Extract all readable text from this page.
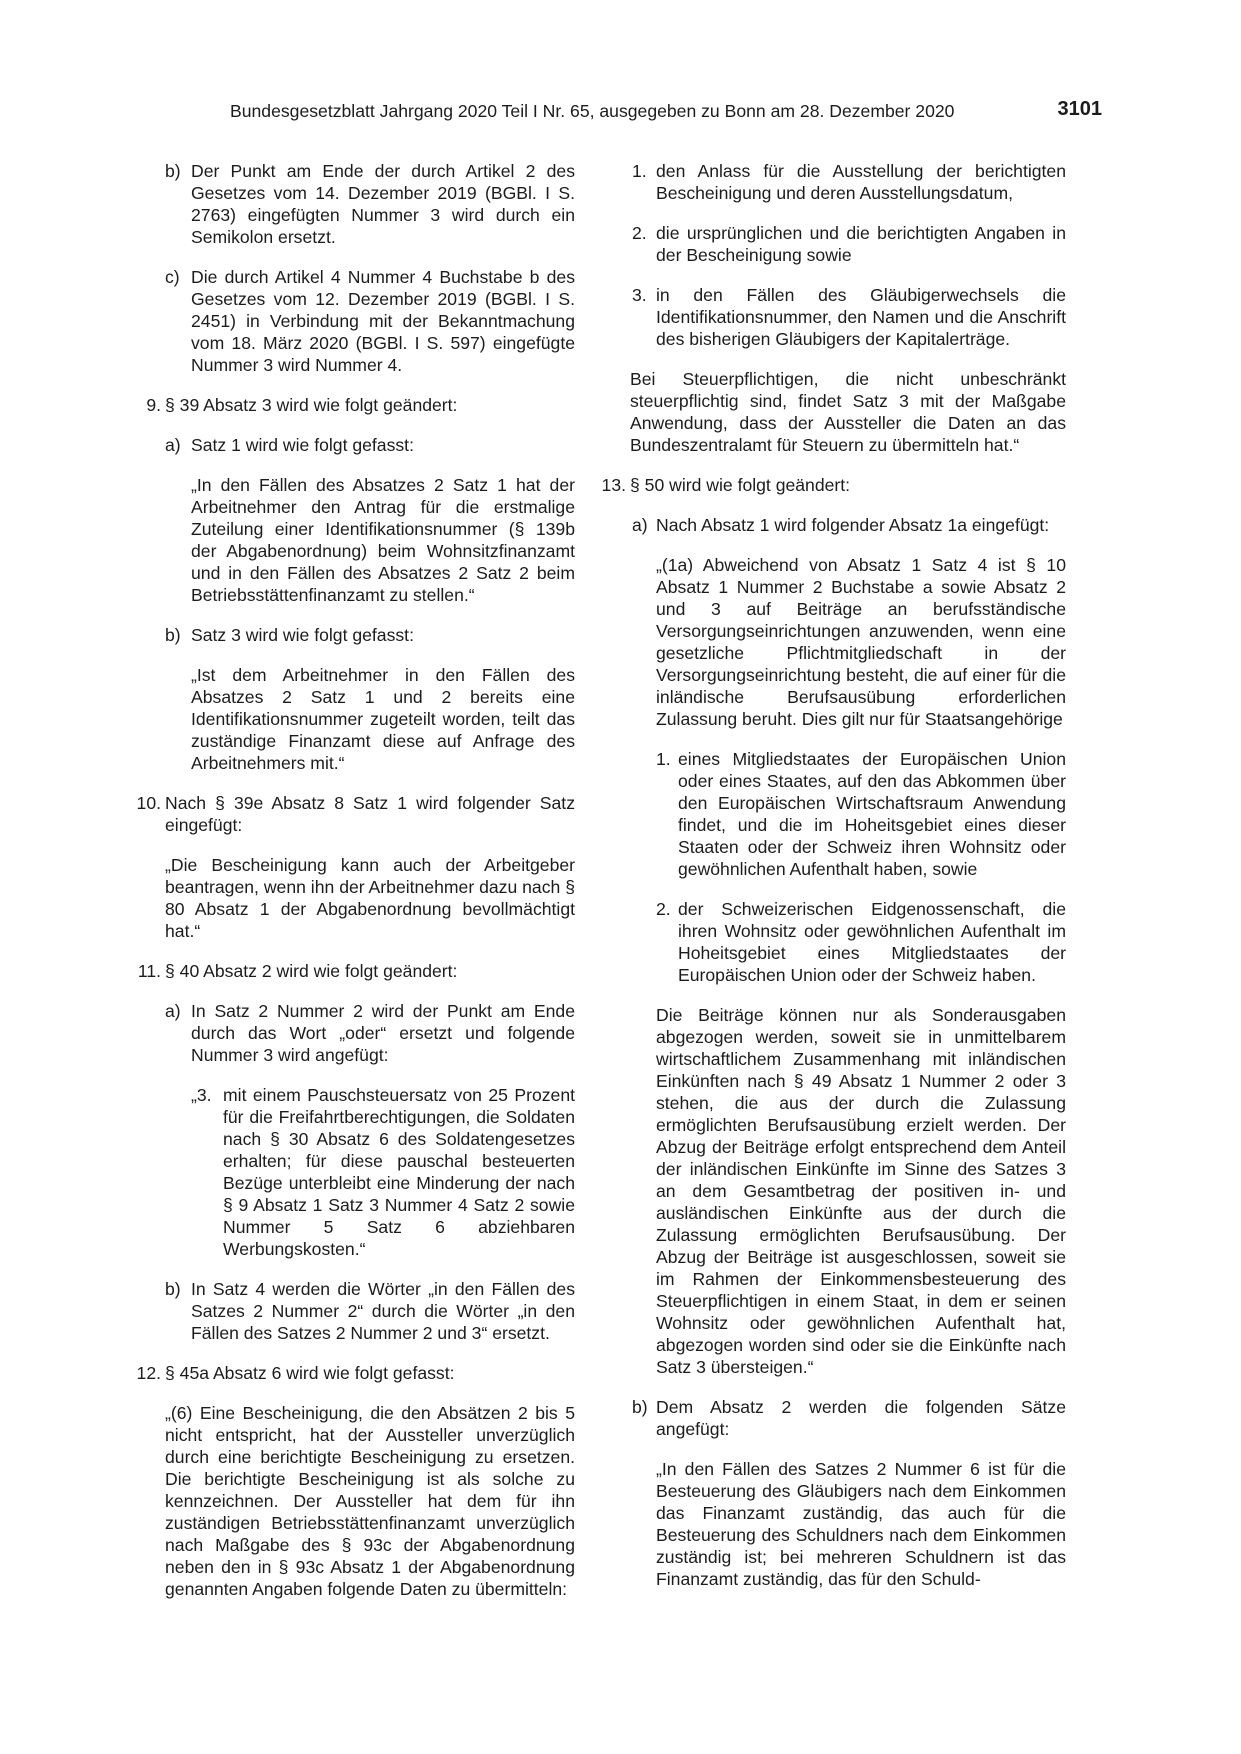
Bundesgesetzblatt Jahrgang 2020 Teil I Nr. 65, ausgegeben zu Bonn am 28. Dezember 2020	3101
b) Der Punkt am Ende der durch Artikel 2 des Gesetzes vom 14. Dezember 2019 (BGBl. I S. 2763) eingefügten Nummer 3 wird durch ein Semikolon ersetzt.
c) Die durch Artikel 4 Nummer 4 Buchstabe b des Gesetzes vom 12. Dezember 2019 (BGBl. I S. 2451) in Verbindung mit der Bekanntmachung vom 18. März 2020 (BGBl. I S. 597) eingefügte Nummer 3 wird Nummer 4.
9. § 39 Absatz 3 wird wie folgt geändert:
a) Satz 1 wird wie folgt gefasst:
„In den Fällen des Absatzes 2 Satz 1 hat der Arbeitnehmer den Antrag für die erstmalige Zuteilung einer Identifikationsnummer (§ 139b der Abgabenordnung) beim Wohnsitzfinanzamt und in den Fällen des Absatzes 2 Satz 2 beim Betriebsstättenfinanzamt zu stellen.“
b) Satz 3 wird wie folgt gefasst:
„Ist dem Arbeitnehmer in den Fällen des Absatzes 2 Satz 1 und 2 bereits eine Identifikationsnummer zugeteilt worden, teilt das zuständige Finanzamt diese auf Anfrage des Arbeitnehmers mit.“
10. Nach § 39e Absatz 8 Satz 1 wird folgender Satz eingefügt:
„Die Bescheinigung kann auch der Arbeitgeber beantragen, wenn ihn der Arbeitnehmer dazu nach § 80 Absatz 1 der Abgabenordnung bevollmächtigt hat.“
11. § 40 Absatz 2 wird wie folgt geändert:
a) In Satz 2 Nummer 2 wird der Punkt am Ende durch das Wort „oder“ ersetzt und folgende Nummer 3 wird angefügt:
„3. mit einem Pauschsteuersatz von 25 Prozent für die Freifahrtberechtigungen, die Soldaten nach § 30 Absatz 6 des Soldatengesetzes erhalten; für diese pauschal besteuerten Bezüge unterbleibt eine Minderung der nach § 9 Absatz 1 Satz 3 Nummer 4 Satz 2 sowie Nummer 5 Satz 6 abziehbaren Werbungskosten.“
b) In Satz 4 werden die Wörter „in den Fällen des Satzes 2 Nummer 2“ durch die Wörter „in den Fällen des Satzes 2 Nummer 2 und 3“ ersetzt.
12. § 45a Absatz 6 wird wie folgt gefasst:
„(6) Eine Bescheinigung, die den Absätzen 2 bis 5 nicht entspricht, hat der Aussteller unverzüglich durch eine berichtigte Bescheinigung zu ersetzen. Die berichtigte Bescheinigung ist als solche zu kennzeichnen. Der Aussteller hat dem für ihn zuständigen Betriebsstättenfinanzamt unverzüglich nach Maßgabe des § 93c der Abgabenordnung neben den in § 93c Absatz 1 der Abgabenordnung genannten Angaben folgende Daten zu übermitteln:
1. den Anlass für die Ausstellung der berichtigten Bescheinigung und deren Ausstellungsdatum,
2. die ursprünglichen und die berichtigten Angaben in der Bescheinigung sowie
3. in den Fällen des Gläubigerwechsels die Identifikationsnummer, den Namen und die Anschrift des bisherigen Gläubigers der Kapitalerträge.
Bei Steuerpflichtigen, die nicht unbeschränkt steuerpflichtig sind, findet Satz 3 mit der Maßgabe Anwendung, dass der Aussteller die Daten an das Bundeszentralamt für Steuern zu übermitteln hat.“
13. § 50 wird wie folgt geändert:
a) Nach Absatz 1 wird folgender Absatz 1a eingefügt:
„(1a) Abweichend von Absatz 1 Satz 4 ist § 10 Absatz 1 Nummer 2 Buchstabe a sowie Absatz 2 und 3 auf Beiträge an berufsständische Versorgungseinrichtungen anzuwenden, wenn eine gesetzliche Pflichtmitgliedschaft in der Versorgungseinrichtung besteht, die auf einer für die inländische Berufsausübung erforderlichen Zulassung beruht. Dies gilt nur für Staatsangehörige
1. eines Mitgliedstaates der Europäischen Union oder eines Staates, auf den das Abkommen über den Europäischen Wirtschaftsraum Anwendung findet, und die im Hoheitsgebiet eines dieser Staaten oder der Schweiz ihren Wohnsitz oder gewöhnlichen Aufenthalt haben, sowie
2. der Schweizerischen Eidgenossenschaft, die ihren Wohnsitz oder gewöhnlichen Aufenthalt im Hoheitsgebiet eines Mitgliedstaates der Europäischen Union oder der Schweiz haben.
Die Beiträge können nur als Sonderausgaben abgezogen werden, soweit sie in unmittelbarem wirtschaftlichem Zusammenhang mit inländischen Einkünften nach § 49 Absatz 1 Nummer 2 oder 3 stehen, die aus der durch die Zulassung ermöglichten Berufsausübung erzielt werden. Der Abzug der Beiträge erfolgt entsprechend dem Anteil der inländischen Einkünfte im Sinne des Satzes 3 an dem Gesamtbetrag der positiven in- und ausländischen Einkünfte aus der durch die Zulassung ermöglichten Berufsausübung. Der Abzug der Beiträge ist ausgeschlossen, soweit sie im Rahmen der Einkommensbesteuerung des Steuerpflichtigen in einem Staat, in dem er seinen Wohnsitz oder gewöhnlichen Aufenthalt hat, abgezogen worden sind oder sie die Einkünfte nach Satz 3 übersteigen.“
b) Dem Absatz 2 werden die folgenden Sätze angefügt:
„In den Fällen des Satzes 2 Nummer 6 ist für die Besteuerung des Gläubigers nach dem Einkommen das Finanzamt zuständig, das auch für die Besteuerung des Schuldners nach dem Einkommen zuständig ist; bei mehreren Schuldnern ist das Finanzamt zuständig, das für den Schuld-
